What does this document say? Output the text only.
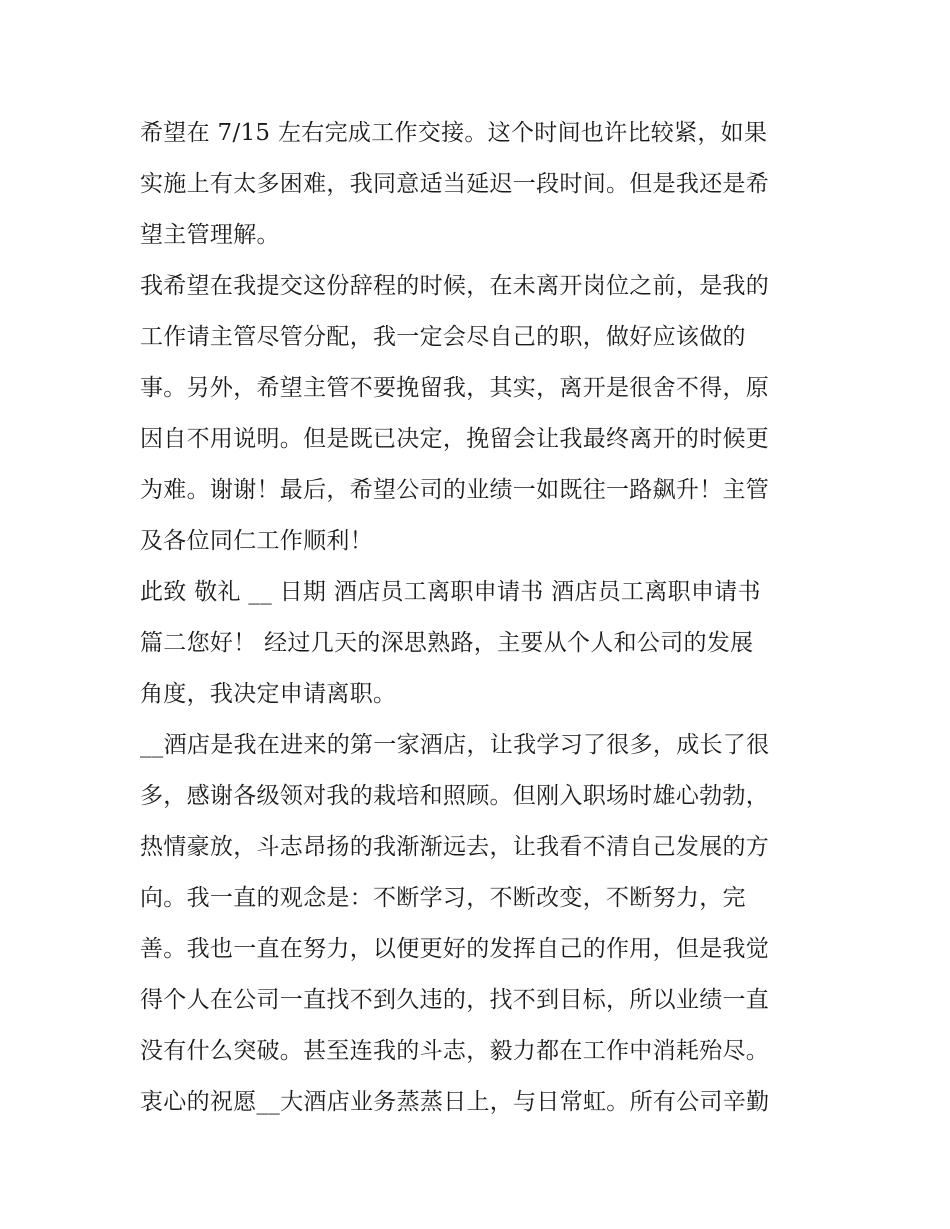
希望在 7/15 左右完成工作交接。这个时间也许比较紧，如果
实施上有太多困难，我同意适当延迟一段时间。但是我还是希
望主管理解。
我希望在我提交这份辞程的时候，在未离开岗位之前，是我的
工作请主管尽管分配，我一定会尽自己的职，做好应该做的
事。另外，希望主管不要挽留我，其实，离开是很舍不得，原
因自不用说明。但是既已决定，挽留会让我最终离开的时候更
为难。谢谢！最后，希望公司的业绩一如既往一路飙升！主管
及各位同仁工作顺利！
此致 敬礼 __ 日期 酒店员工离职申请书 酒店员工离职申请书
篇二您好！ 经过几天的深思熟路，主要从个人和公司的发展
角度，我决定申请离职。
__酒店是我在进来的第一家酒店，让我学习了很多，成长了很
多，感谢各级领对我的栽培和照顾。但刚入职场时雄心勃勃，
热情豪放，斗志昂扬的我渐渐远去，让我看不清自己发展的方
向。我一直的观念是：不断学习，不断改变，不断努力，完
善。我也一直在努力，以便更好的发挥自己的作用，但是我觉
得个人在公司一直找不到久违的，找不到目标，所以业绩一直
没有什么突破。甚至连我的斗志，毅力都在工作中消耗殆尽。
衷心的祝愿__大酒店业务蒸蒸日上，与日常虹。所有公司辛勤
